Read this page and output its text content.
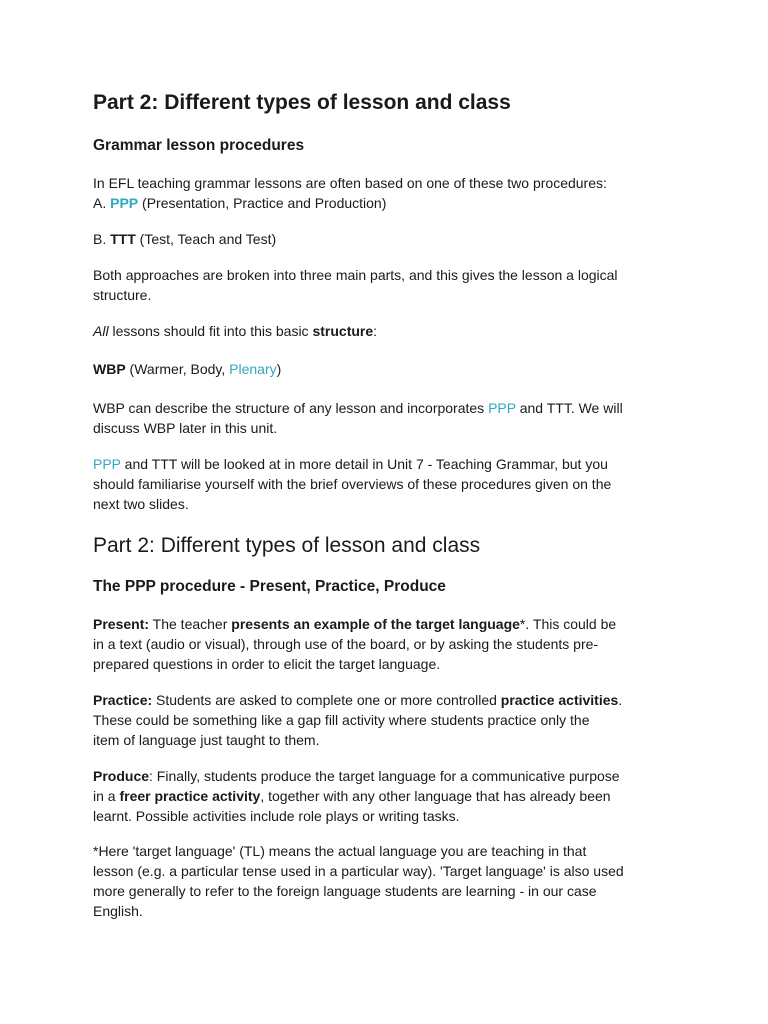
Part 2: Different types of lesson and class
Grammar lesson procedures
In EFL teaching grammar lessons are often based on one of these two procedures:
A. PPP (Presentation, Practice and Production)
B. TTT (Test, Teach and Test)
Both approaches are broken into three main parts, and this gives the lesson a logical
structure.
All lessons should fit into this basic structure:
WBP (Warmer, Body, Plenary)
WBP can describe the structure of any lesson and incorporates PPP and TTT. We will
discuss WBP later in this unit.
PPP and TTT will be looked at in more detail in Unit 7 - Teaching Grammar, but you
should familiarise yourself with the brief overviews of these procedures given on the
next two slides.
Part 2: Different types of lesson and class
The PPP procedure - Present, Practice, Produce
Present: The teacher presents an example of the target language*. This could be
in a text (audio or visual), through use of the board, or by asking the students pre-
prepared questions in order to elicit the target language.
Practice: Students are asked to complete one or more controlled practice activities.
These could be something like a gap fill activity where students practice only the
item of language just taught to them.
Produce: Finally, students produce the target language for a communicative purpose
in a freer practice activity, together with any other language that has already been
learnt. Possible activities include role plays or writing tasks.
*Here 'target language' (TL) means the actual language you are teaching in that
lesson (e.g. a particular tense used in a particular way). 'Target language' is also used
more generally to refer to the foreign language students are learning - in our case
English.
